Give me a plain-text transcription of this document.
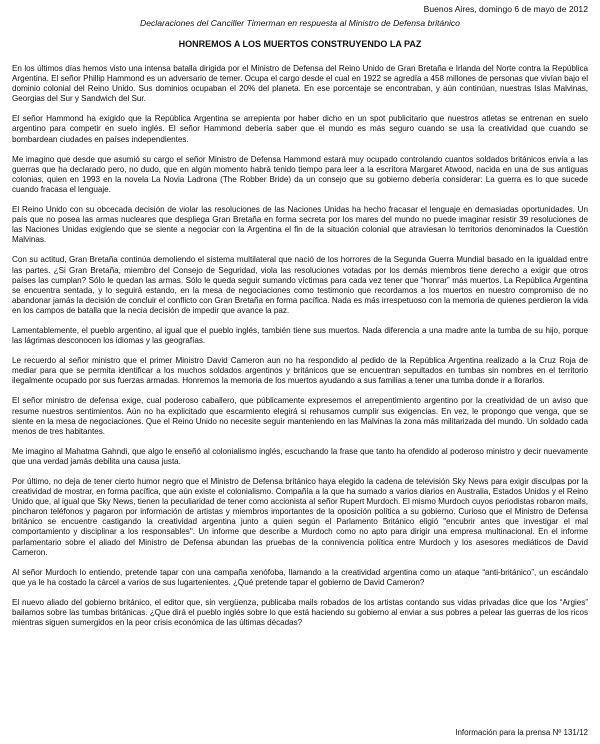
Buenos Aires, domingo 6 de mayo de 2012
Declaraciones del Canciller Timerman en respuesta al Ministro de Defensa británico
HONREMOS A LOS MUERTOS CONSTRUYENDO LA PAZ

En los últimos días hemos visto una intensa batalla dirigida por el Ministro de Defensa del Reino Unido de Gran Bretaña e Irlanda del Norte contra la República Argentina. El señor Phillip Hammond es un adversario de temer. Ocupa el cargo desde el cual en 1922 se agredía a 458 millones de personas que vivían bajo el dominio colonial del Reino Unido. Sus dominios ocupaban el 20% del planeta. En ese porcentaje se encontraban, y aún continúan, nuestras Islas Malvinas, Georgias del Sur y Sandwich del Sur.

El señor Hammond ha exigido que la República Argentina se arrepienta por haber dicho en un spot publicitario que nuestros atletas se entrenan en suelo argentino para competir en suelo inglés. El señor Hammond debería saber que el mundo es más seguro cuando se usa la creatividad que cuando se bombardean ciudades en países independientes.

Me imagino que desde que asumió su cargo el señor Ministro de Defensa Hammond estará muy ocupado controlando cuantos soldados británicos envía a las guerras que ha declarado pero, no dudo, que en algún momento habrá tenido tiempo para leer a la escritora Margaret Atwood, nacida en una de sus antiguas colonias, quien en 1993 en la novela La Novia Ladrona (The Robber Bride) da un consejo que su gobierno debería considerar: La guerra es lo que sucede cuando fracasa el lenguaje.

El Reino Unido con su obcecada decisión de violar las resoluciones de las Naciones Unidas ha hecho fracasar el lenguaje en demasiadas oportunidades. Un país que no posea las armas nucleares que despliega Gran Bretaña en forma secreta por los mares del mundo no puede imaginar resistir 39 resoluciones de las Naciones Unidas exigiendo que se siente a negociar con la Argentina el fin de la situación colonial que atraviesan lo territorios denominados la Cuestión Malvinas.

Con su actitud, Gran Bretaña continúa demoliendo el sistema multilateral que nació de los horrores de la Segunda Guerra Mundial basado en la igualdad entre las partes. ¿Si Gran Bretaña, miembro del Consejo de Seguridad, viola las resoluciones votadas por los demás miembros tiene derecho a exigir que otros países las cumplan? Sólo le quedan las armas. Sólo le queda seguir sumando víctimas para cada vez tener que “honrar” más muertos. La República Argentina se encuentra sentada, y lo seguirá estando, en la mesa de negociaciones como testimonio que recordamos a los muertos en nuestro compromiso de no abandonar jamás la decisión de concluir el conflicto con Gran Bretaña en forma pacífica. Nada es más irrespetuoso con la memoria de quienes perdieron la vida en los campos de batalla que la necia decisión de impedir que avance la paz.

Lamentablemente, el pueblo argentino, al igual que el pueblo inglés, también tiene sus muertos. Nada diferencia a una madre ante la tumba de su hijo, porque las lágrimas desconocen los idiomas y las geografías.

Le recuerdo al señor ministro que el primer Ministro David Cameron aun no ha respondido al pedido de la República Argentina realizado a la Cruz Roja de mediar para que se permita identificar a los muchos soldados argentinos y británicos que se encuentran sepultados en tumbas sin nombres en el territorio ilegalmente ocupado por sus fuerzas armadas. Honremos la memoria de los muertos ayudando a sus familias a tener una tumba donde ir a llorarlos.

El señor ministro de defensa exige, cual poderoso caballero, que públicamente expresemos el arrepentimiento argentino por la creatividad de un aviso que resume nuestros sentimientos. Aún no ha explicitado que escarmiento elegirá si rehusamos cumplir sus exigencias. En vez, le propongo que venga, que se siente en la mesa de negociaciones. Que el Reino Unido no necesite seguir manteniendo en las Malvinas la zona más militarizada del mundo. Un soldado cada menos de tres habitantes.

Me imagino al Mahatma Gahndi, que algo le enseñó al colonialismo inglés, escuchando la frase que tanto ha ofendido al poderoso ministro y decir nuevamente que una verdad jamás debilita una causa justa.

Por último, no deja de tener cierto humor negro que el Ministro de Defensa británico haya elegido la cadena de televisión Sky News para exigir disculpas por la creatividad de mostrar, en forma pacífica, que aún existe el colonialismo. Compañía a la que ha sumado a varios diarios en Australia, Estados Unidos y el Reino Unido que, al igual que Sky News, tienen la peculiaridad de tener como accionista al señor Rupert Murdoch. El mismo Murdoch cuyos periodistas robaron mails, pincharon teléfonos y pagaron por información de artistas y miembros importantes de la oposición política a su gobierno. Curioso que el Ministro de Defensa británico se encuentre castigando la creatividad argentina junto a quien según el Parlamento Británico eligió "encubrir antes que investigar el mal comportamiento y disciplinar a los responsables". Un informe que describe a Murdoch como no apto para dirigir una empresa multinacional. En el informe parlamentario sobre el aliado del Ministro de Defensa abundan las pruebas de la connivencia política entre Murdoch y los asesores mediáticos de David Cameron.

Al señor Murdoch lo entiendo, pretende tapar con una campaña xenófoba, llamando a la creatividad argentina como un ataque “anti-británico”, un escándalo que ya le ha costado la cárcel a varios de sus lugartenientes. ¿Qué pretende tapar el gobierno de David Cameron?

El nuevo aliado del gobierno británico, el editor que, sin vergüenza, publicaba mails robados de los artistas contando sus vidas privadas dice que los “Argies” bailamos sobre las tumbas británicas. ¿Que dirá el pueblo inglés sobre lo que está haciendo su gobierno al enviar a sus pobres a pelear las guerras de los ricos mientras siguen sumergidos en la peor crisis económica de las últimas décadas?

Información para la prensa Nº 131/12
